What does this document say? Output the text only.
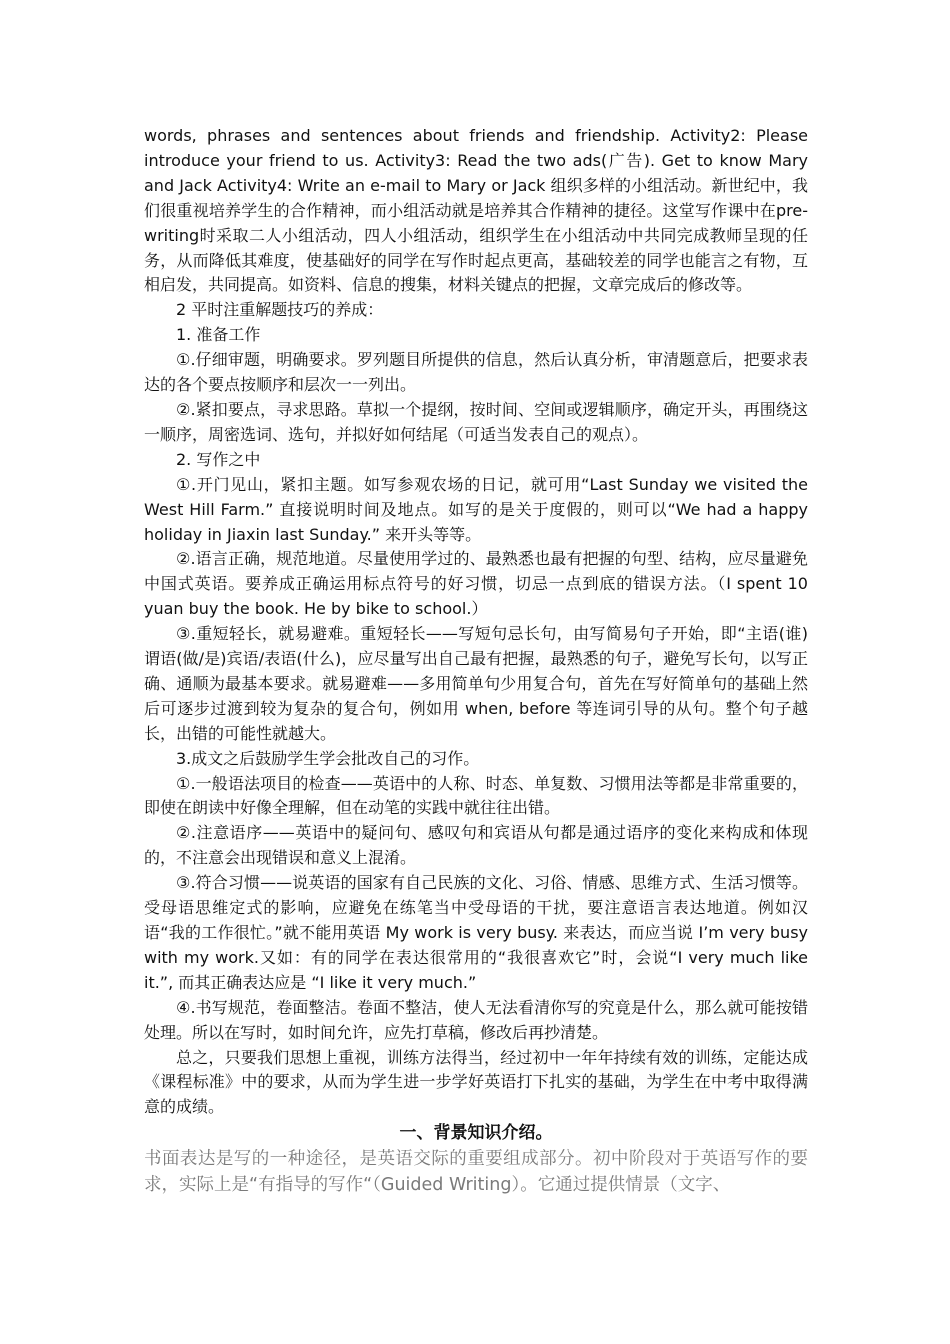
words, phrases and sentences about friends and friendship. Activity2: Please introduce your friend to us. Activity3: Read the two ads(广告). Get to know Mary and Jack Activity4: Write an e-mail to Mary or Jack 组织多样的小组活动。新世纪中，我们很重视培养学生的合作精神，而小组活动就是培养其合作精神的捷径。这堂写作课中在pre-writing时采取二人小组活动，四人小组活动，组织学生在小组活动中共同完成教师呈现的任务，从而降低其难度，使基础好的同学在写作时起点更高，基础较差的同学也能言之有物，互相启发，共同提高。如资料、信息的搜集，材料关键点的把握，文章完成后的修改等。

2 平时注重解题技巧的养成：

1. 准备工作

①.仔细审题，明确要求。罗列题目所提供的信息，然后认真分析，审清题意后，把要求表达的各个要点按顺序和层次一一列出。

②.紧扣要点，寻求思路。草拟一个提纲，按时间、空间或逻辑顺序，确定开头，再围绕这一顺序，周密选词、选句，并拟好如何结尾（可适当发表自己的观点）。

2. 写作之中

①.开门见山，紧扣主题。如写参观农场的日记，就可用“Last Sunday we visited the West Hill Farm.” 直接说明时间及地点。如写的是关于度假的，则可以“We had a happy holiday in Jiaxin last Sunday.” 来开头等等。

②.语言正确，规范地道。尽量使用学过的、最熟悉也最有把握的句型、结构，应尽量避免中国式英语。要养成正确运用标点符号的好习惯，切忌一点到底的错误方法。（I spent 10 yuan buy the book. He by bike to school.）

③.重短轻长，就易避难。重短轻长——写短句忌长句，由写简易句子开始，即“主语(谁)谓语(做/是)宾语/表语(什么)，应尽量写出自己最有把握，最熟悉的句子，避免写长句，以写正确、通顺为最基本要求。就易避难——多用简单句少用复合句，首先在写好简单句的基础上然后可逐步过渡到较为复杂的复合句，例如用 when, before 等连词引导的从句。整个句子越长，出错的可能性就越大。

3.成文之后鼓励学生学会批改自己的习作。

①.一般语法项目的检查——英语中的人称、时态、单复数、习惯用法等都是非常重要的，即使在朗读中好像全理解，但在动笔的实践中就往往出错。

②.注意语序——英语中的疑问句、感叹句和宾语从句都是通过语序的变化来构成和体现的，不注意会出现错误和意义上混淆。

③.符合习惯——说英语的国家有自己民族的文化、习俗、情感、思维方式、生活习惯等。受母语思维定式的影响，应避免在练笔当中受母语的干扰，要注意语言表达地道。例如汉语“我的工作很忙。”就不能用英语 My work is very busy. 来表达，而应当说 I’m very busy with my work.又如：有的同学在表达很常用的“我很喜欢它”时，会说“I very much like it.”, 而其正确表达应是 “I like it very much.”

④.书写规范，卷面整洁。卷面不整洁，使人无法看清你写的究竟是什么，那么就可能按错处理。所以在写时，如时间允许，应先打草稿，修改后再抄清楚。

总之，只要我们思想上重视，训练方法得当，经过初中一年年持续有效的训练，定能达成《课程标准》中的要求，从而为学生进一步学好英语打下扎实的基础，为学生在中考中取得满意的成绩。

一、背景知识介绍。

书面表达是写的一种途径，是英语交际的重要组成部分。初中阶段对于英语写作的要求，实际上是“有指导的写作“（Guided Writing）。它通过提供情景（文字、
